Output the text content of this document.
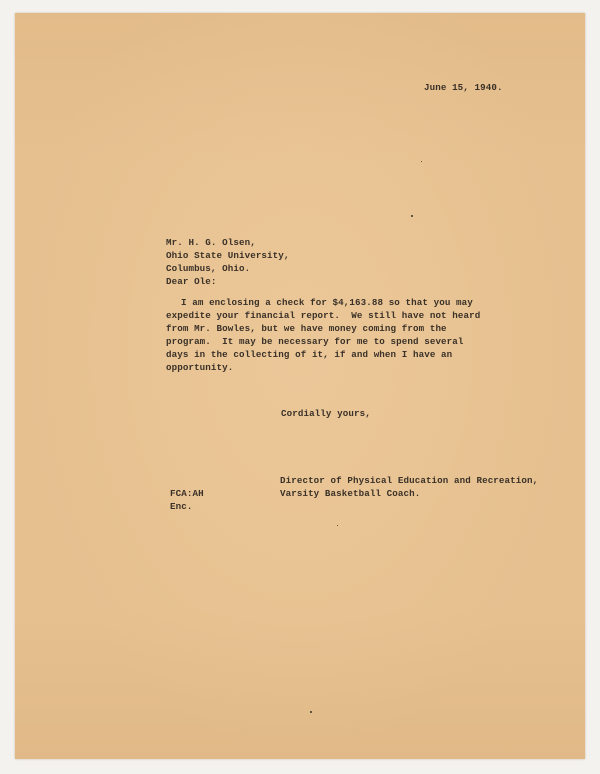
June 15, 1940.
Mr. H. G. Olsen,
Ohio State University,
Columbus, Ohio.
Dear Ole:
I am enclosing a check for $4,163.88 so that you may
expedite your financial report.  We still have not heard
from Mr. Bowles, but we have money coming from the
program.  It may be necessary for me to spend several
days in the collecting of it, if and when I have an
opportunity.
Cordially yours,
Director of Physical Education and Recreation,
Varsity Basketball Coach.
FCA:AH
Enc.
